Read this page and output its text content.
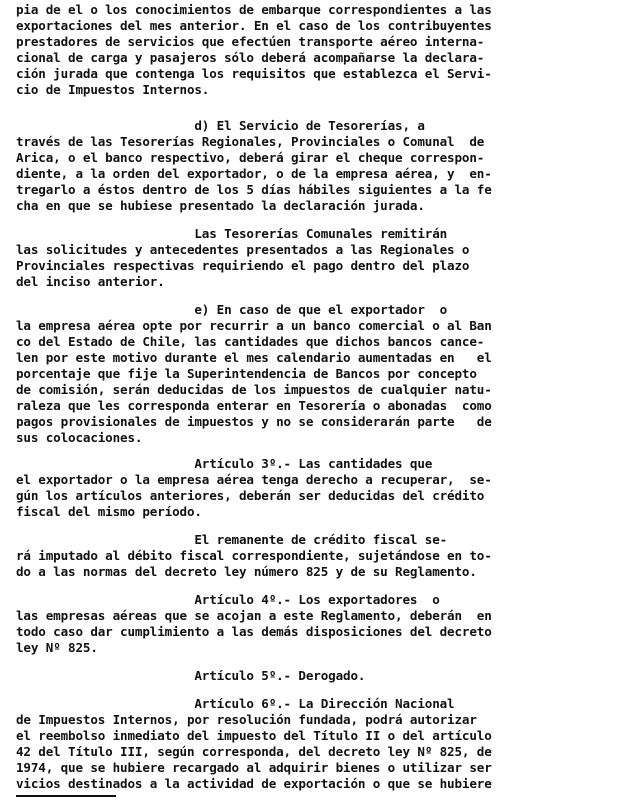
pia de el o los conocimientos de embarque correspondientes a las
exportaciones del mes anterior. En el caso de los contribuyentes
prestadores de servicios que efectúen transporte aéreo interna-
cional de carga y pasajeros sólo deberá acompañarse la declara-
ción jurada que contenga los requisitos que establezca el Servi-
cio de Impuestos Internos.
d) El Servicio de Tesorerías, a
través de las Tesorerías Regionales, Provinciales o Comunal  de
Arica, o el banco respectivo, deberá girar el cheque correspon-
diente, a la orden del exportador, o de la empresa aérea, y  en-
tregarlo a éstos dentro de los 5 días hábiles siguientes a la fe
cha en que se hubiese presentado la declaración jurada.
Las Tesorerías Comunales remitirán
las solicitudes y antecedentes presentados a las Regionales o
Provinciales respectivas requiriendo el pago dentro del plazo
del inciso anterior.
e) En caso de que el exportador  o
la empresa aérea opte por recurrir a un banco comercial o al Ban
co del Estado de Chile, las cantidades que dichos bancos cance-
len por este motivo durante el mes calendario aumentadas en   el
porcentaje que fije la Superintendencia de Bancos por concepto
de comisión, serán deducidas de los impuestos de cualquier natu-
raleza que les corresponda enterar en Tesorería o abonadas  como
pagos provisionales de impuestos y no se considerarán parte   de
sus colocaciones.
Artículo 3º.- Las cantidades que
el exportador o la empresa aérea tenga derecho a recuperar,  se-
gún los artículos anteriores, deberán ser deducidas del crédito
fiscal del mismo período.
El remanente de crédito fiscal se-
rá imputado al débito fiscal correspondiente, sujetándose en to-
do a las normas del decreto ley número 825 y de su Reglamento.
Artículo 4º.- Los exportadores  o
las empresas aéreas que se acojan a este Reglamento, deberán  en
todo caso dar cumplimiento a las demás disposiciones del decreto
ley Nº 825.
Artículo 5º.- Derogado.
Artículo 6º.- La Dirección Nacional
de Impuestos Internos, por resolución fundada, podrá autorizar
el reembolso inmediato del impuesto del Título II o del artículo
42 del Título III, según corresponda, del decreto ley Nº 825, de
1974, que se hubiere recargado al adquirir bienes o utilizar ser
vicios destinados a la actividad de exportación o que se hubiere
